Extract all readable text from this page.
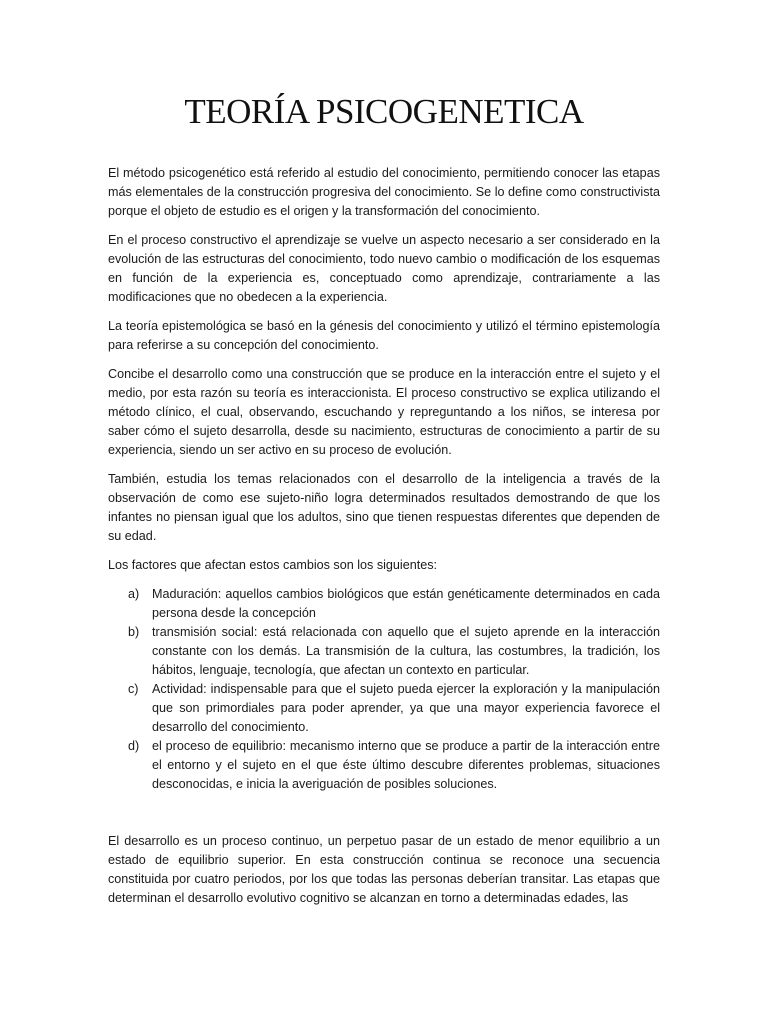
TEORÍA PSICOGENETICA

El método psicogenético está referido al estudio del conocimiento, permitiendo conocer las etapas más elementales de la construcción progresiva del conocimiento. Se lo define como constructivista porque el objeto de estudio es el origen y la transformación del conocimiento.

En el proceso constructivo el aprendizaje se vuelve un aspecto necesario a ser considerado en la evolución de las estructuras del conocimiento, todo nuevo cambio o modificación de los esquemas en función de la experiencia es, conceptuado como aprendizaje, contrariamente a las modificaciones que no obedecen a la experiencia.

La teoría epistemológica se basó en la génesis del conocimiento y utilizó el término epistemología para referirse a su concepción del conocimiento.

Concibe el desarrollo como una construcción que se produce en la interacción entre el sujeto y el medio, por esta razón su teoría es interaccionista. El proceso constructivo se explica utilizando el método clínico, el cual, observando, escuchando y repreguntando a los niños, se interesa por saber cómo el sujeto desarrolla, desde su nacimiento, estructuras de conocimiento a partir de su experiencia, siendo un ser activo en su proceso de evolución.

También, estudia los temas relacionados con el desarrollo de la inteligencia a través de la observación de como ese sujeto-niño logra determinados resultados demostrando de que los infantes no piensan igual que los adultos, sino que tienen respuestas diferentes que dependen de su edad.

Los factores que afectan estos cambios son los siguientes:

a) Maduración: aquellos cambios biológicos que están genéticamente determinados en cada persona desde la concepción
b) transmisión social: está relacionada con aquello que el sujeto aprende en la interacción constante con los demás. La transmisión de la cultura, las costumbres, la tradición, los hábitos, lenguaje, tecnología, que afectan un contexto en particular.
c) Actividad: indispensable para que el sujeto pueda ejercer la exploración y la manipulación que son primordiales para poder aprender, ya que una mayor experiencia favorece el desarrollo del conocimiento.
d) el proceso de equilibrio: mecanismo interno que se produce a partir de la interacción entre el entorno y el sujeto en el que éste último descubre diferentes problemas, situaciones desconocidas, e inicia la averiguación de posibles soluciones.

El desarrollo es un proceso continuo, un perpetuo pasar de un estado de menor equilibrio a un estado de equilibrio superior. En esta construcción continua se reconoce una secuencia constituida por cuatro periodos, por los que todas las personas deberían transitar. Las etapas que determinan el desarrollo evolutivo cognitivo se alcanzan en torno a determinadas edades, las
